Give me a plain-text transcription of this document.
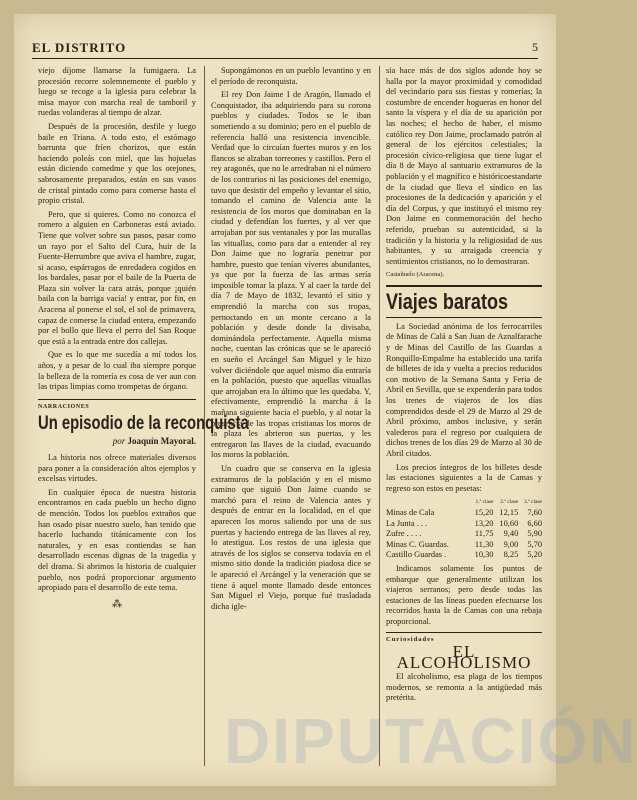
EL DISTRITO	5

viejo díjome llamarse la fumigaera. La procesión recorre solemnemente el pueblo y luego se recoge a la iglesia para celebrar la misa mayor con marcha real de tamboril y ruedas volanderas al tiempo de alzar.

Después de la procesión, desfile y luego baile en Triana. A todo esto, el estómago barrunta que fríen chorizos, que están haciendo poleás con miel, que las hojuelas están diciendo comedme y que los orejones, sabrosamente preparados, están en sus vasos de cristal pintado como para comerse hasta el propio cristal.

Pero, que si quieres. Como no conozca el romero a alguien en Carboneras está aviado. Tiene que volver sobre sus pasos, pasar como un rayo por el Salto del Cura, huir de la Fuente-Herrumbre que aviva el hambre, zugar, si acaso, espárragos de enredadera cogidos en los bardales, pasar por el baile de la Puerta de Plaza sin volver la cara atrás, porque ¡quién baila con la barriga vacía! y entrar, por fin, en Aracena al ponerse el sol, el sol de primavera, capaz de comerse la ciudad entera, empezando por el bollo que lleva el perro del San Roque que está a la entrada entre dos callejas.

Que es lo que me sucedía a mí todos los años, y a pesar de lo cual iba siempre porque la belleza de la romería es cosa de ver aun con las tripas limpias como trompetas de órgano.

NARRACIONES
Un episodio de la reconquista
por Joaquín Mayoral.

La historia nos ofrece materiales diversos para poner a la consideración altos ejemplos y excelsas virtudes.

En cualquier época de nuestra historia encontramos en cada pueblo un hecho digno de mención. Todos los pueblos extraños que han osado pisar nuestro suelo, han tenido que hacerlo luchando titánicamente con los naturales, y en esas contiendas se han desarrollado escenas dignas de la tragedia y del drama. Si abrimos la historia de cualquier pueblo, nos podrá proporcionar argumento apropiado para el desarrollo de este tema.

⁂

Supongámonos en un pueblo levantino y en el período de reconquista.

El rey Don Jaime I de Aragón, llamado el Conquistador, iba adquiriendo para su corona pueblos y ciudades. Todos se le iban sometiendo a su dominio; pero en el pueblo de referencia halló una resistencia invencible. Verdad que lo circuían fuertes muros y en los flancos se alzaban torreones y castillos. Pero el rey aragonés, que no le arredraban ni el número de los contrarios ni las posiciones del enemigo, tuvo que desistir del empeño y levantar el sitio, tomando el camino de Valencia ante la resistencia de los moros que dominaban en la ciudad y defendían los fuertes, y al ver que arrojaban por sus ventanales y por las murallas las vituallas, como para dar a entender al rey Don Jaime que no lograría penetrar por hambre, puesto que tenían víveres abundantes, ya que por la fuerza de las armas sería imposible tomar la plaza. Y al caer la tarde del día 7 de Mayo de 1832, levantó el sitio y emprendió la marcha con sus tropas, pernoctando en un monte cercano a la población y desde donde la divisaba, dominándola perfectamente. Aquella misma noche, cuentan las crónicas que se le apareció en sueño el Arcángel San Miguel y le hizo volver diciéndole que aquel mismo día entraría en la población, puesto que aquellas vituallas que arrojaban era lo último que les quedaba. Y, efectivamente, emprendió la marcha á la mañana siguiente hacia el pueblo, y al notar la presencia de las tropas cristianas los moros de la plaza les abrieron sus puertas, y les entregaron las llaves de la ciudad, evacuando los moros la población.

Un cuadro que se conserva en la iglesia extramuros de la población y en el mismo camino que siguió Don Jaime cuando se marchó para el reino de Valencia antes y después de entrar en la localidad, en el que aparecen los moros saliendo por una de sus puertas y haciendo entrega de las llaves al rey, lo atestigua. Los restos de una iglesia que através de los siglos se conserva todavía en el mismo sitio donde la tradición piadosa dice se le apareció el Arcángel y la veneración que se tiene á aquel monte llamado desde entonces San Miguel el Viejo, porque fué trasladada dicha igle-

sia hace más de dos siglos adonde hoy se halla por la mayor proximidad y comodidad del vecindario para sus fiestas y romerías; la costumbre de encender hogueras en honor del santo la víspera y el día de su aparición por las noches; el hecho de haber, el mismo católico rey Don Jaime, proclamado patrón al general de los ejércitos celestiales; la procesión cívico-religiosa que tiene lugar el día 8 de Mayo al santuario extramuros de la población y el magnífico e históricoestandarte de la ciudad que lleva el síndico en las procesiones de la dedicación y aparición y el día del Corpus, y que instituyó el mismo rey Don Jaime en conmemoración del hecho referido, prueban su autenticidad, si la tradición y la historia y la religiosidad de sus habitantes, y su arraigada creencia y sentimientos cristianos, no lo demostraran.

Castañuelo (Aracena).
Viajes baratos

La Sociedad anónima de los ferrocarriles de Minas de Calá a San Juan de Aznalfarache y de Minas del Castillo de las Guardas a Ronquillo-Empalme ha establecido una tarifa de billetes de ida y vuelta a precios reducidos con motivo de la Semana Santa y Feria de Abril en Sevilla, que se expenderán para todos los trenes de viajeros de los días comprendidos desde el 29 de Marzo al 29 de Abril próximo, ambos inclusive, y serán valederos para el regreso por cualquiera de dichos trenes de los días 29 de Marzo al 30 de Abril citados.

Los precios íntegros de los billetes desde las estaciones siguientes a la de Camas y regreso son estos en pesetas:

	1.ª clase	2.ª clase	3.ª clase
Minas de Cala	15,20	12,15	7,60
La Junta . . .	13,20	10,60	6,60
Zufre . . . .	11,75	9,40	5,90
Minas C. Guardas.	11,30	9,00	5,70
Castillo Guardas .	10,30	8,25	5,20

Indicamos solamente los puntos de embarque que generalmente utilizan los viajeros serranos; pero desde todas las estaciones de las líneas pueden efectuarse los recorridos hasta la de Camas con una rebaja proporcional.

Curiosidades
EL ALCOHOLISMO

El alcoholismo, esa plaga de los tiempos modernos, se remonta a la antigüedad más pretérita.

DIPUTACIÓN
